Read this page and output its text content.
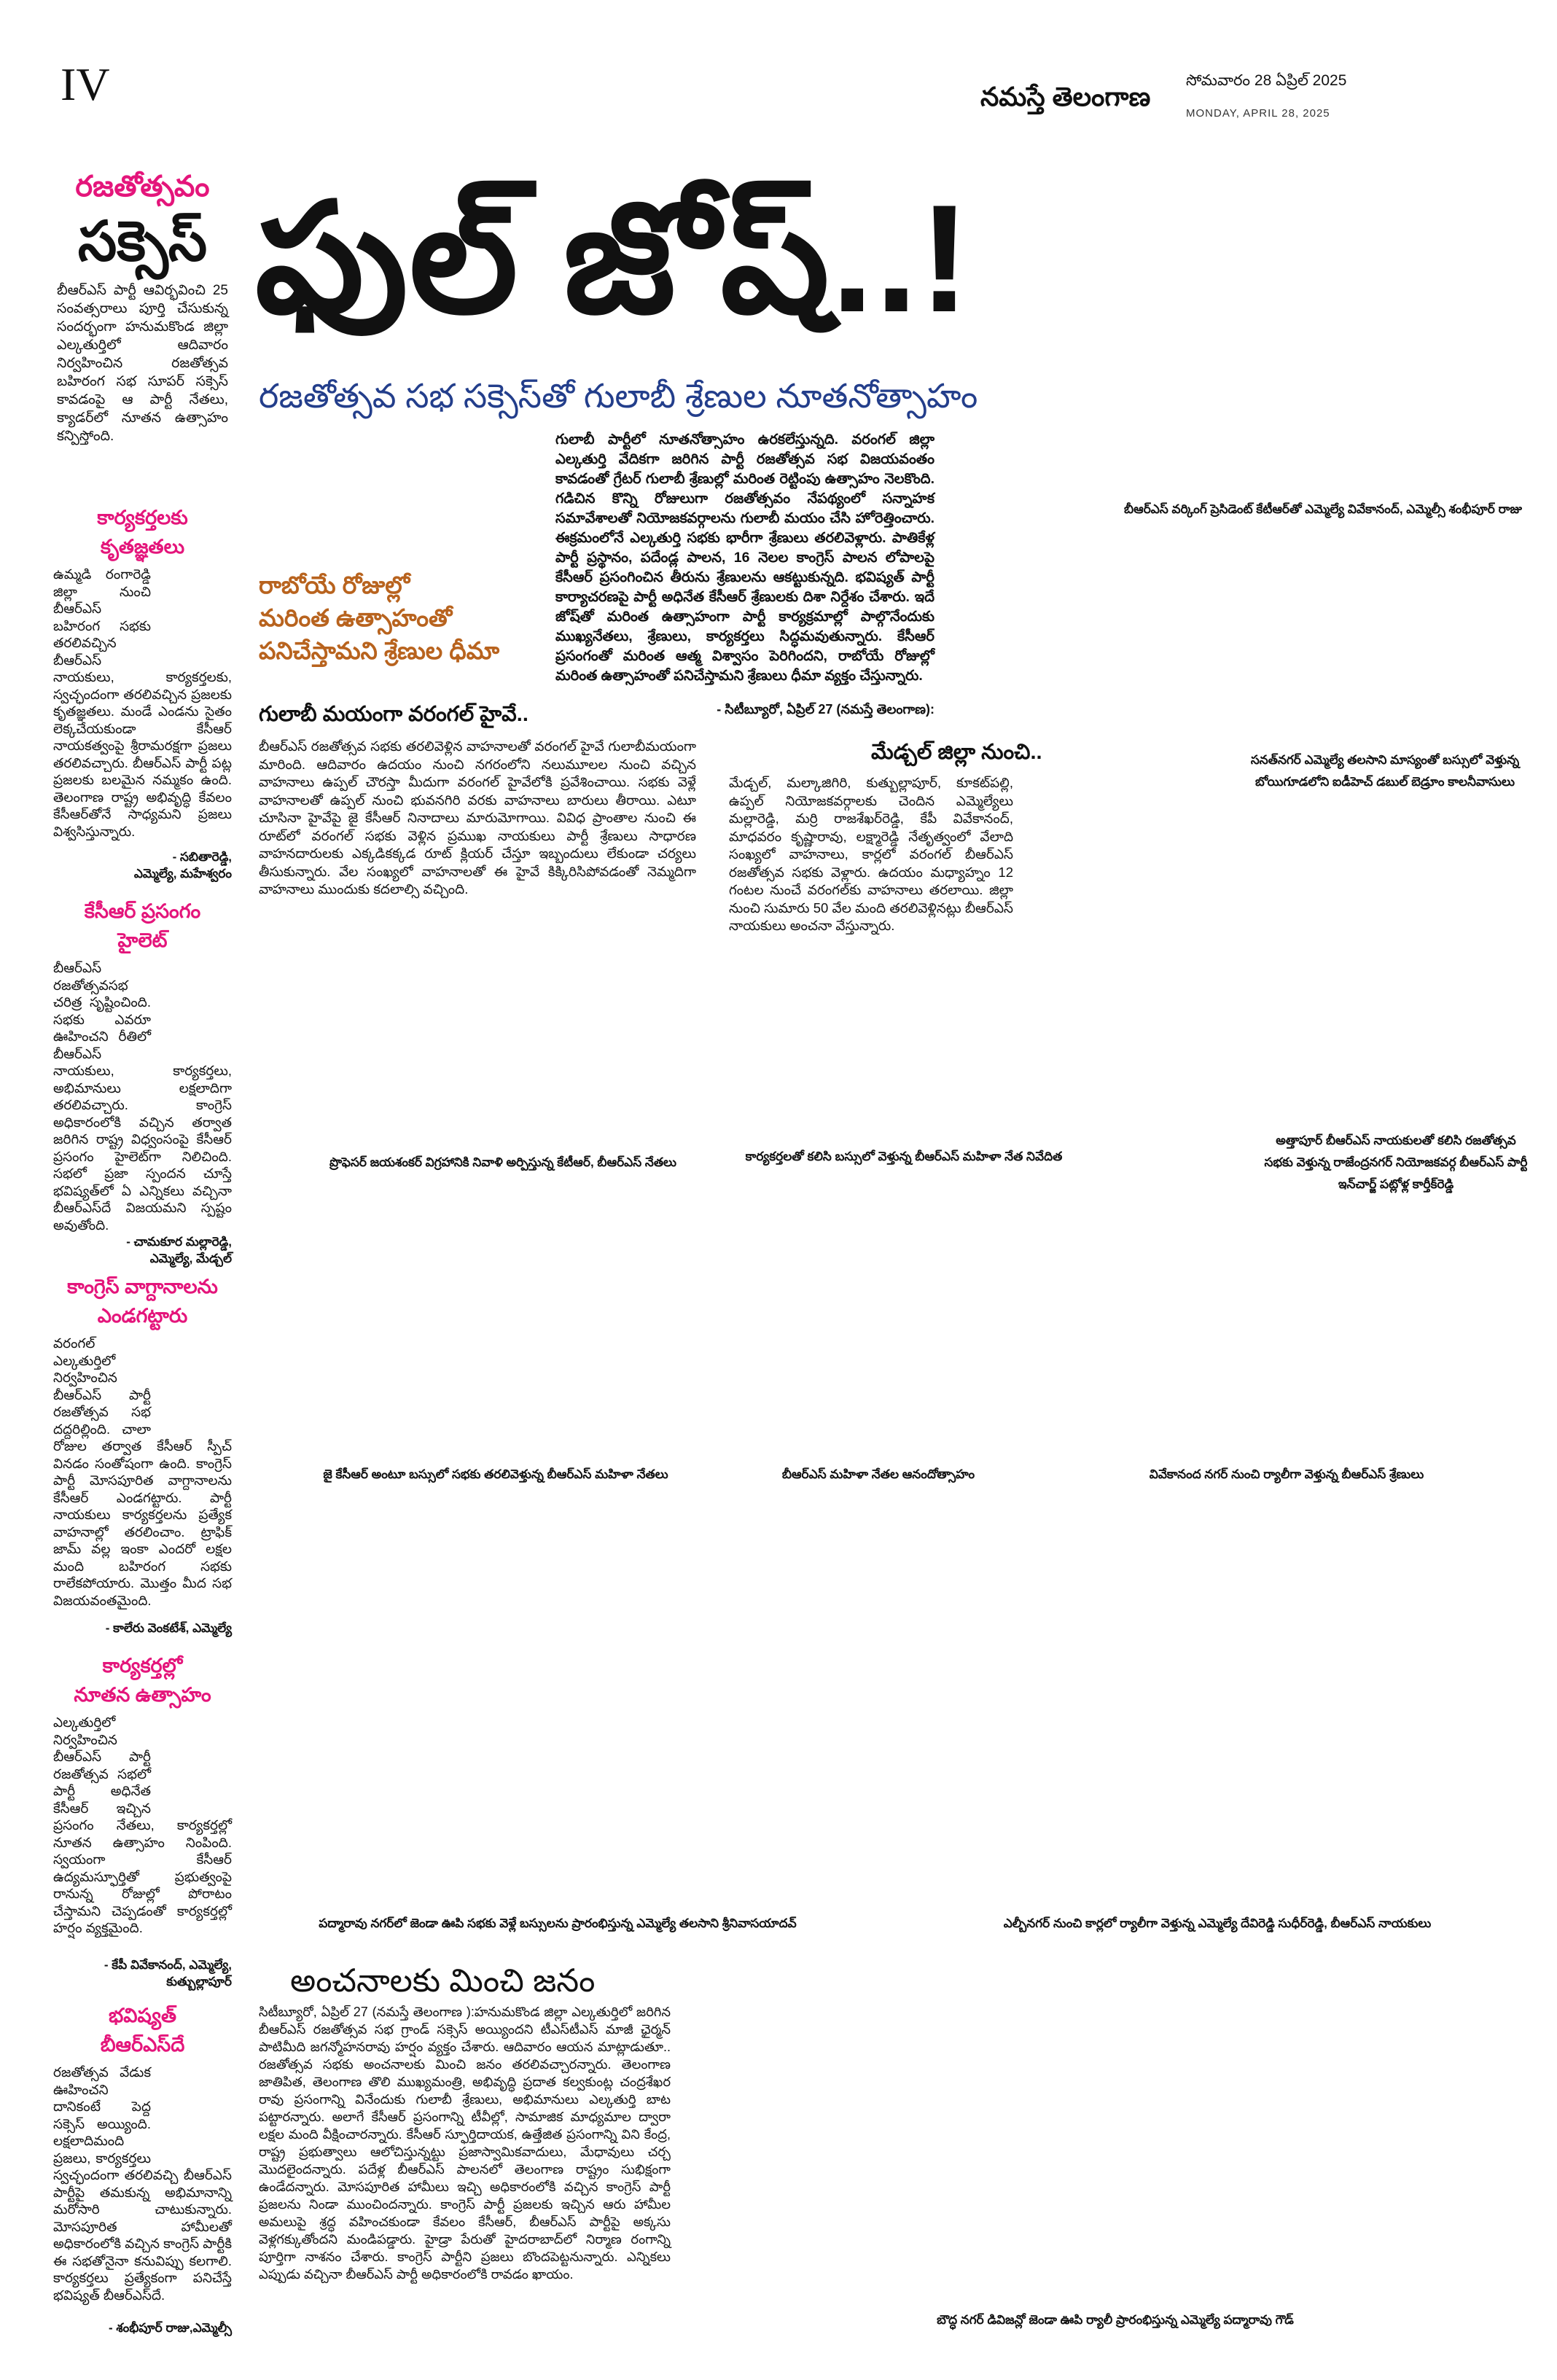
IV	నమస్తే తెలంగాణ
సోమవారం 28 ఏప్రిల్ 2025
MONDAY, APRIL 28, 2025
రజతోత్సవం
సక్సెస్
బీఆర్ఎస్ పార్టీ ఆవిర్భవించి 25 సంవత్సరాలు పూర్తి చేసుకున్న సందర్భంగా హనుమకొండ జిల్లా ఎల్కతుర్తిలో ఆదివారం నిర్వహించిన రజతోత్సవ బహిరంగ సభ సూపర్ సక్సెస్ కావడంపై ఆ పార్టీ నేతలు, క్యాడర్‌లో నూతన ఉత్సాహం కన్పిస్తోంది.
కార్యకర్తలకు
కృతజ్ఞతలు
ఉమ్మడి రంగారెడ్డి జిల్లా నుంచి బీఆర్ఎస్ బహిరంగ సభకు తరలివచ్చిన బీఆర్ఎస్ నాయకులు, కార్యకర్తలకు, స్వచ్ఛందంగా తరలివచ్చిన ప్రజలకు కృతజ్ఞతలు. మండే ఎండను సైతం లెక్కచేయకుండా కేసీఆర్ నాయకత్వంపై శ్రీరామరక్షగా ప్రజలు తరలివచ్చారు. బీఆర్ఎస్ పార్టీ పట్ల ప్రజలకు బలమైన నమ్మకం ఉంది. తెలంగాణ రాష్ట్ర అభివృద్ధి కేవలం కేసీఆర్‌తోనే సాధ్యమని ప్రజలు విశ్వసిస్తున్నారు.
- సబితారెడ్డి,
ఎమ్మెల్యే, మహేశ్వరం
కేసీఆర్ ప్రసంగం
హైలెట్
బీఆర్ఎస్ రజతోత్సవసభ చరిత్ర సృష్టించింది. సభకు ఎవరూ ఊహించని రీతిలో బీఆర్ఎస్ నాయకులు, కార్యకర్తలు, అభిమానులు లక్షలాదిగా తరలివచ్చారు. కాంగ్రెస్ అధికారంలోకి వచ్చిన తర్వాత జరిగిన రాష్ట్ర విధ్వంసంపై కేసీఆర్ ప్రసంగం హైలెట్‌గా నిలిచింది. సభలో ప్రజా స్పందన చూస్తే భవిష్యత్‌లో ఏ ఎన్నికలు వచ్చినా బీఆర్ఎస్‌దే విజయమని స్పష్టం అవుతోంది.
- చామకూర మల్లారెడ్డి,
ఎమ్మెల్యే, మేడ్చల్
కాంగ్రెస్ వాగ్దానాలను
ఎండగట్టారు
వరంగల్ ఎల్కతుర్తిలో నిర్వహించిన బీఆర్ఎస్ పార్టీ రజతోత్సవ సభ దద్దరిల్లింది. చాలా రోజుల తర్వాత కేసీఆర్ స్పీచ్ వినడం సంతోషంగా ఉంది. కాంగ్రెస్ పార్టీ మోసపూరిత వాగ్దానాలను కేసీఆర్ ఎండగట్టారు. పార్టీ నాయకులు కార్యకర్తలను ప్రత్యేక వాహనాల్లో తరలించాం. ట్రాఫిక్ జామ్ వల్ల ఇంకా ఎందరో లక్షల మంది బహిరంగ సభకు రాలేకపోయారు. మొత్తం మీద సభ విజయవంతమైంది.
- కాలేరు వెంకటేశ్, ఎమ్మెల్యే
కార్యకర్తల్లో
నూతన ఉత్సాహం
ఎల్కతుర్తిలో నిర్వహించిన బీఆర్ఎస్ పార్టీ రజతోత్సవ సభలో పార్టీ అధినేత కేసీఆర్ ఇచ్చిన ప్రసంగం నేతలు, కార్యకర్తల్లో నూతన ఉత్సాహం నింపింది. స్వయంగా కేసీఆర్ ఉద్యమస్ఫూర్తితో ప్రభుత్వంపై రానున్న రోజుల్లో పోరాటం చేస్తామని చెప్పడంతో కార్యకర్తల్లో హర్షం వ్యక్తమైంది.
- కేపీ వివేకానంద్, ఎమ్మెల్యే,
కుత్బుల్లాపూర్
భవిష్యత్
బీఆర్ఎస్‌దే
రజతోత్సవ వేడుక ఊహించని దానికంటే పెద్ద సక్సెస్ అయ్యింది. లక్షలాదిమంది ప్రజలు, కార్యకర్తలు స్వచ్ఛందంగా తరలివచ్చి బీఆర్ఎస్ పార్టీపై తమకున్న అభిమానాన్ని మరోసారి చాటుకున్నారు. మోసపూరిత హామీలతో అధికారంలోకి వచ్చిన కాంగ్రెస్ పార్టీకి ఈ సభతోనైనా కనువిప్పు కలగాలి. కార్యకర్తలు ప్రత్యేకంగా పనిచేస్తే భవిష్యత్ బీఆర్ఎస్‌దే.
- శంభీపూర్ రాజు,ఎమ్మెల్సీ
ఫుల్ జోష్..!
రజతోత్సవ సభ సక్సెస్‌తో గులాబీ శ్రేణుల నూతనోత్సాహం
గులాబీ పార్టీలో నూతనోత్సాహం ఉరకలేస్తున్నది. వరంగల్ జిల్లా ఎల్కతుర్తి వేదికగా జరిగిన పార్టీ రజతోత్సవ సభ విజయవంతం కావడంతో గ్రేటర్ గులాబీ శ్రేణుల్లో మరింత రెట్టింపు ఉత్సాహం నెలకొంది. గడిచిన కొన్ని రోజులుగా రజతోత్సవం నేపథ్యంలో సన్నాహక సమావేశాలతో నియోజకవర్గాలను గులాబీ మయం చేసి హోరెత్తించారు. ఈక్రమంలోనే ఎల్కతుర్తి సభకు భారీగా శ్రేణులు తరలివెళ్లారు. పాతికేళ్ల పార్టీ ప్రస్థానం, పదేండ్ల పాలన, 16 నెలల కాంగ్రెస్ పాలన లోపాలపై కేసీఆర్ ప్రసంగించిన తీరును శ్రేణులను ఆకట్టుకున్నది. భవిష్యత్ పార్టీ కార్యాచరణపై పార్టీ అధినేత కేసీఆర్ శ్రేణులకు దిశా నిర్దేశం చేశారు. ఇదే జోష్‌తో మరింత ఉత్సాహంగా పార్టీ కార్యక్రమాల్లో పాల్గొనేందుకు ముఖ్యనేతలు, శ్రేణులు, కార్యకర్తలు సిద్ధమవుతున్నారు. కేసీఆర్ ప్రసంగంతో మరింత ఆత్మ విశ్వాసం పెరిగిందని, రాబోయే రోజుల్లో మరింత ఉత్సాహంతో పనిచేస్తామని శ్రేణులు ధీమా వ్యక్తం చేస్తున్నారు.
- సిటీబ్యూరో, ఏప్రిల్ 27 (నమస్తే తెలంగాణ):
రాబోయే రోజుల్లో
మరింత ఉత్సాహంతో
పనిచేస్తామని శ్రేణుల ధీమా
గులాబీ మయంగా వరంగల్ హైవే..
బీఆర్ఎస్ రజతోత్సవ సభకు తరలివెళ్లిన వాహనాలతో వరంగల్ హైవే గులాబీమయంగా మారింది. ఆదివారం ఉదయం నుంచి నగరంలోని నలుమూలల నుంచి వచ్చిన వాహనాలు ఉప్పల్ చౌరస్తా మీదుగా వరంగల్ హైవేలోకి ప్రవేశించాయి. సభకు వెళ్లే వాహనాలతో ఉప్పల్ నుంచి భువనగిరి వరకు వాహనాలు బారులు తీరాయి. ఎటూ చూసినా హైవేపై జై కేసీఆర్ నినాదాలు మారుమోగాయి. వివిధ ప్రాంతాల నుంచి ఈ రూట్‌లో వరంగల్ సభకు వెళ్లిన ప్రముఖ నాయకులు పార్టీ శ్రేణులు సాధారణ వాహనదారులకు ఎక్కడికక్కడ రూట్ క్లియర్ చేస్తూ ఇబ్బందులు లేకుండా చర్యలు తీసుకున్నారు. వేల సంఖ్యలో వాహనాలతో ఈ హైవే కిక్కిరిసిపోవడంతో నెమ్మదిగా వాహనాలు ముందుకు కదలాల్సి వచ్చింది.
మేడ్చల్ జిల్లా నుంచి..
మేడ్చల్, మల్కాజిగిరి, కుత్బుల్లాపూర్, కూకట్‌పల్లి, ఉప్పల్ నియోజకవర్గాలకు చెందిన ఎమ్మెల్యేలు మల్లారెడ్డి, మర్రి రాజశేఖర్‌రెడ్డి, కేపీ వివేకానంద్, మాధవరం కృష్ణారావు, లక్ష్మారెడ్డి నేతృత్వంలో వేలాది సంఖ్యలో వాహనాలు, కార్లలో వరంగల్ బీఆర్ఎస్ రజతోత్సవ సభకు వెళ్లారు. ఉదయం మధ్యాహ్నం 12 గంటల నుంచే వరంగల్‌కు వాహనాలు తరలాయి. జిల్లా నుంచి సుమారు 50 వేల మంది తరలివెళ్లినట్లు బీఆర్ఎస్ నాయకులు అంచనా వేస్తున్నారు.
బీఆర్ఎస్ వర్కింగ్ ప్రెసిడెంట్ కేటీఆర్‌తో ఎమ్మెల్యే వివేకానంద్, ఎమ్మెల్సీ శంభీపూర్ రాజు
సనత్‌నగర్ ఎమ్మెల్యే తలసాని మాస్యంతో బస్సులో వెళ్తున్న బోయిగూడలోని ఐడీహెచ్ డబుల్ బెడ్రూం కాలనీవాసులు
ప్రొఫెసర్ జయశంకర్ విగ్రహానికి నివాళి అర్పిస్తున్న కేటీఆర్, బీఆర్ఎస్ నేతలు	కార్యకర్తలతో కలిసి బస్సులో వెళ్తున్న బీఆర్ఎస్ మహిళా నేత నివేదిత
అత్తాపూర్ బీఆర్ఎస్ నాయకులతో కలిసి రజతోత్సవ సభకు వెళ్తున్న రాజేంద్రనగర్ నియోజకవర్గ బీఆర్ఎస్ పార్టీ ఇన్‌చార్జ్ పట్లోళ్ల కార్తీక్‌రెడ్డి
జై కేసీఆర్ అంటూ బస్సులో సభకు తరలివెళ్తున్న బీఆర్ఎస్ మహిళా నేతలు	బీఆర్ఎస్ మహిళా నేతల ఆనందోత్సాహం	వివేకానంద నగర్ నుంచి ర్యాలీగా వెళ్తున్న బీఆర్ఎస్ శ్రేణులు
పద్మారావు నగర్‌లో జెండా ఊపి సభకు వెళ్లే బస్సులను ప్రారంభిస్తున్న ఎమ్మెల్యే తలసాని శ్రీనివాసయాదవ్	ఎల్బీనగర్ నుంచి కార్లలో ర్యాలీగా వెళ్తున్న ఎమ్మెల్యే దేవిరెడ్డి సుధీర్‌రెడ్డి, బీఆర్ఎస్ నాయకులు
అంచనాలకు మించి జనం
సిటీబ్యూరో, ఏప్రిల్ 27 (నమస్తే తెలంగాణ ):హనుమకొండ జిల్లా ఎల్కతుర్తిలో జరిగిన బీఆర్ఎస్ రజతోత్సవ సభ గ్రాండ్ సక్సెస్ అయ్యిందని టీఎస్‌టీఎస్ మాజీ ఛైర్మన్ పాటిమీది జగన్మోహనరావు హర్షం వ్యక్తం చేశారు. ఆదివారం ఆయన మాట్లాడుతూ.. రజతోత్సవ సభకు అంచనాలకు మించి జనం తరలివచ్చారన్నారు. తెలంగాణ జాతిపిత, తెలంగాణ తొలి ముఖ్యమంత్రి, అభివృద్ధి ప్రదాత కల్వకుంట్ల చంద్రశేఖర రావు ప్రసంగాన్ని వినేందుకు గులాబీ శ్రేణులు, అభిమానులు ఎల్కతుర్తి బాట పట్టారన్నారు. అలాగే కేసీఆర్ ప్రసంగాన్ని టీవీల్లో, సామాజిక మాధ్యమాల ద్వారా లక్షల మంది వీక్షించారన్నారు. కేసీఆర్ స్ఫూర్తిదాయక, ఉత్తేజిత ప్రసంగాన్ని విని కేంద్ర, రాష్ట్ర ప్రభుత్వాలు ఆలోచిస్తున్నట్టు ప్రజాస్వామికవాదులు, మేధావులు చర్చ మొదలైందన్నారు. పదేళ్ల బీఆర్ఎస్ పాలనలో తెలంగాణ రాష్ట్రం సుభిక్షంగా ఉండేదన్నారు. మోసపూరిత హామీలు ఇచ్చి అధికారంలోకి వచ్చిన కాంగ్రెస్ పార్టీ ప్రజలను నిండా ముంచిందన్నారు. కాంగ్రెస్ పార్టీ ప్రజలకు ఇచ్చిన ఆరు హామీల అమలుపై శ్రద్ధ వహించకుండా కేవలం కేసీఆర్, బీఆర్ఎస్ పార్టీపై అక్కసు వెళ్లగక్కుతోందని మండిపడ్డారు. హైడ్రా పేరుతో హైదరాబాద్‌లో నిర్మాణ రంగాన్ని పూర్తిగా నాశనం చేశారు. కాంగ్రెస్ పార్టీని ప్రజలు బొందపెట్టనున్నారు. ఎన్నికలు ఎప్పుడు వచ్చినా బీఆర్ఎస్ పార్టీ అధికారంలోకి రావడం ఖాయం.
బౌద్ధ నగర్ డివిజన్లో జెండా ఊపి ర్యాలీ ప్రారంభిస్తున్న ఎమ్మెల్యే పద్మారావు గౌడ్
